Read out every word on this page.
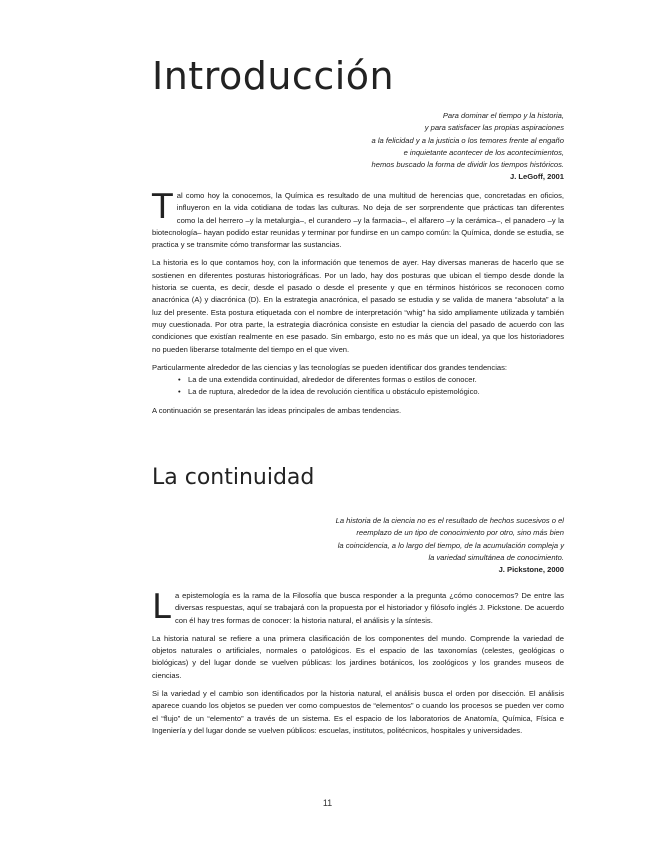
Introducción
Para dominar el tiempo y la historia,
y para satisfacer las propias aspiraciones
a la felicidad y a la justicia o los temores frente al engaño
e inquietante acontecer de los acontecimientos,
hemos buscado la forma de dividir los tiempos históricos.
J. LeGoff, 2001

Tal como hoy la conocemos, la Química es resultado de una multitud de herencias que, concretadas en oficios, influyeron en la vida cotidiana de todas las culturas. No deja de ser sorprendente que prácticas tan diferentes como la del herrero –y la metalurgia–, el curandero –y la farmacia–, el alfarero –y la cerámica–, el panadero –y la biotecnología– hayan podido estar reunidas y terminar por fundirse en un campo común: la Química, donde se estudia, se practica y se transmite cómo transformar las sustancias.

La historia es lo que contamos hoy, con la información que tenemos de ayer. Hay diversas maneras de hacerlo que se sostienen en diferentes posturas historiográficas. Por un lado, hay dos posturas que ubican el tiempo desde donde la historia se cuenta, es decir, desde el pasado o desde el presente y que en términos históricos se reconocen como anacrónica (A) y diacrónica (D). En la estrategia anacrónica, el pasado se estudia y se valida de manera “absoluta” a la luz del presente. Esta postura etiquetada con el nombre de interpretación “whig” ha sido ampliamente utilizada y también muy cuestionada. Por otra parte, la estrategia diacrónica consiste en estudiar la ciencia del pasado de acuerdo con las condiciones que existían realmente en ese pasado. Sin embargo, esto no es más que un ideal, ya que los historiadores no pueden liberarse totalmente del tiempo en el que viven.

Particularmente alrededor de las ciencias y las tecnologías se pueden identificar dos grandes tendencias:

• La de una extendida continuidad, alrededor de diferentes formas o estilos de conocer.
• La de ruptura, alrededor de la idea de revolución científica u obstáculo epistemológico.

A continuación se presentarán las ideas principales de ambas tendencias.

La continuidad
La historia de la ciencia no es el resultado de hechos sucesivos o el
reemplazo de un tipo de conocimiento por otro, sino más bien
la coincidencia, a lo largo del tiempo, de la acumulación compleja y
la variedad simultánea de conocimiento.
J. Pickstone, 2000

La epistemología es la rama de la Filosofía que busca responder a la pregunta ¿cómo conocemos? De entre las diversas respuestas, aquí se trabajará con la propuesta por el historiador y filósofo inglés J. Pickstone. De acuerdo con él hay tres formas de conocer: la historia natural, el análisis y la síntesis.

La historia natural se refiere a una primera clasificación de los componentes del mundo. Comprende la variedad de objetos naturales o artificiales, normales o patológicos. Es el espacio de las taxonomías (celestes, geológicas o biológicas) y del lugar donde se vuelven públicas: los jardines botánicos, los zoológicos y los grandes museos de ciencias.

Si la variedad y el cambio son identificados por la historia natural, el análisis busca el orden por disección. El análisis aparece cuando los objetos se pueden ver como compuestos de “elementos” o cuando los procesos se pueden ver como el “flujo” de un “elemento” a través de un sistema. Es el espacio de los laboratorios de Anatomía, Química, Física e Ingeniería y del lugar donde se vuelven públicos: escuelas, institutos, politécnicos, hospitales y universidades.

11
